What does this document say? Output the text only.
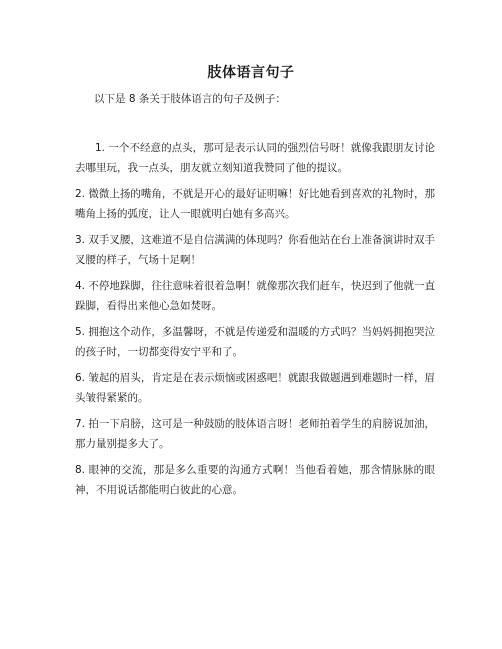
肢体语言句子
以下是 8 条关于肢体语言的句子及例子：
1. 一个不经意的点头，那可是表示认同的强烈信号呀！就像我跟朋友讨论去哪里玩，我一点头，朋友就立刻知道我赞同了他的提议。
2. 微微上扬的嘴角，不就是开心的最好证明嘛！好比她看到喜欢的礼物时，那嘴角上扬的弧度，让人一眼就明白她有多高兴。
3. 双手叉腰，这难道不是自信满满的体现吗？你看他站在台上准备演讲时双手叉腰的样子，气场十足啊！
4. 不停地跺脚，往往意味着很着急啊！就像那次我们赶车，快迟到了他就一直跺脚，看得出来他心急如焚呀。
5. 拥抱这个动作，多温馨呀，不就是传递爱和温暖的方式吗？当妈妈拥抱哭泣的孩子时，一切都变得安宁平和了。
6. 皱起的眉头，肯定是在表示烦恼或困惑吧！就跟我做题遇到难题时一样，眉头皱得紧紧的。
7. 拍一下肩膀，这可是一种鼓励的肢体语言呀！老师拍着学生的肩膀说加油，那力量别提多大了。
8. 眼神的交流，那是多么重要的沟通方式啊！当他看着她，那含情脉脉的眼神，不用说话都能明白彼此的心意。
